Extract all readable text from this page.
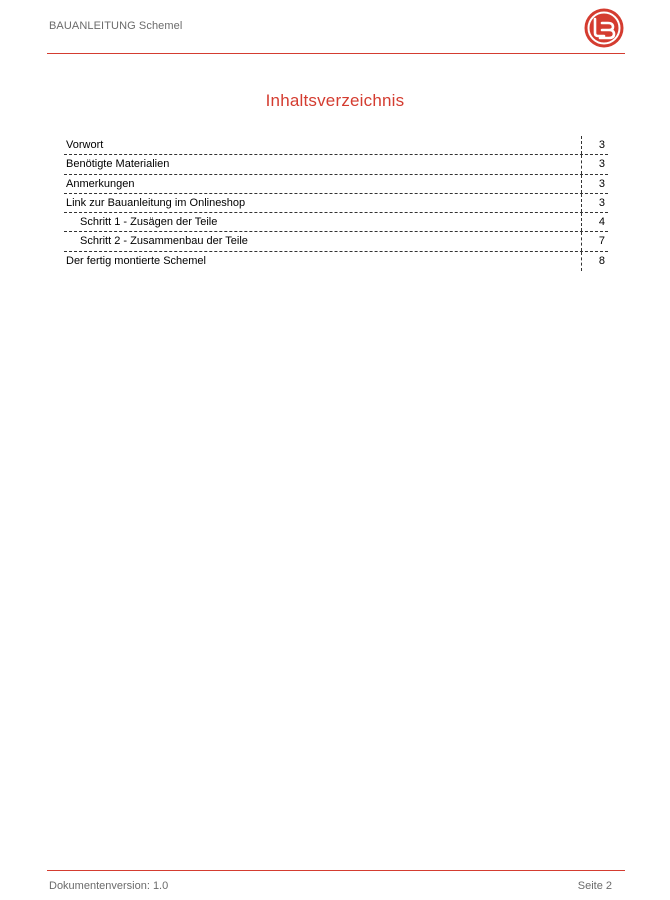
BAUANLEITUNG Schemel
Inhaltsverzeichnis
Vorwort	3
Benötigte Materialien	3
Anmerkungen	3
Link zur Bauanleitung im Onlineshop	3
Schritt 1 - Zusägen der Teile	4
Schritt 2 - Zusammenbau der Teile	7
Der fertig montierte Schemel	8
Dokumentenversion: 1.0	Seite 2
